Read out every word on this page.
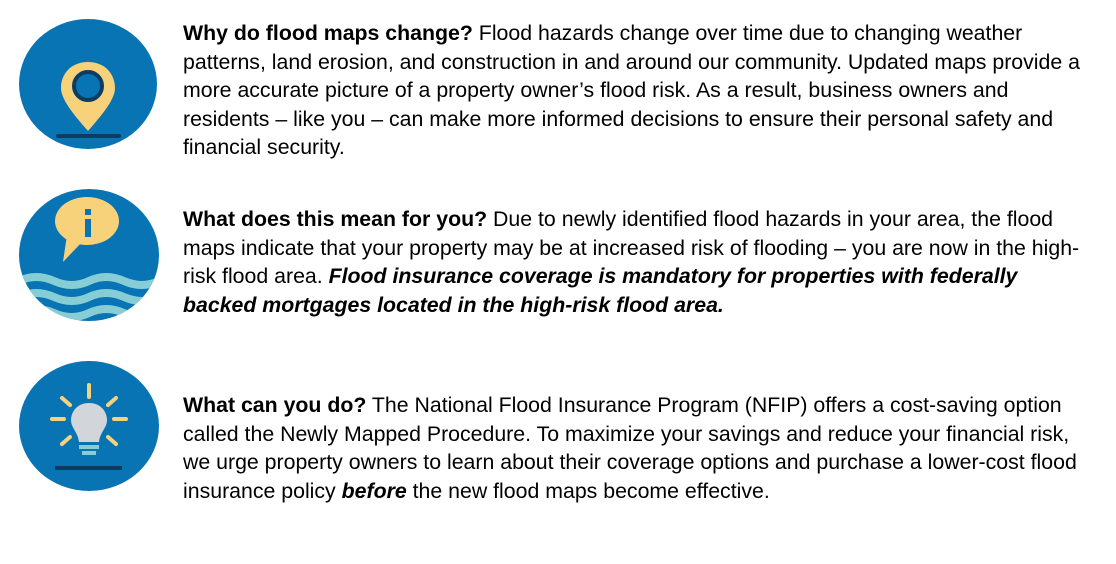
Why do flood maps change? Flood hazards change over time due to changing weather patterns, land erosion, and construction in and around our community. Updated maps provide a more accurate picture of a property owner’s flood risk. As a result, business owners and residents – like you – can make more informed decisions to ensure their personal safety and financial security.

What does this mean for you? Due to newly identified flood hazards in your area, the flood maps indicate that your property may be at increased risk of flooding – you are now in the high-risk flood area. Flood insurance coverage is mandatory for properties with federally backed mortgages located in the high-risk flood area.

What can you do? The National Flood Insurance Program (NFIP) offers a cost-saving option called the Newly Mapped Procedure. To maximize your savings and reduce your financial risk, we urge property owners to learn about their coverage options and purchase a lower-cost flood insurance policy before the new flood maps become effective.
